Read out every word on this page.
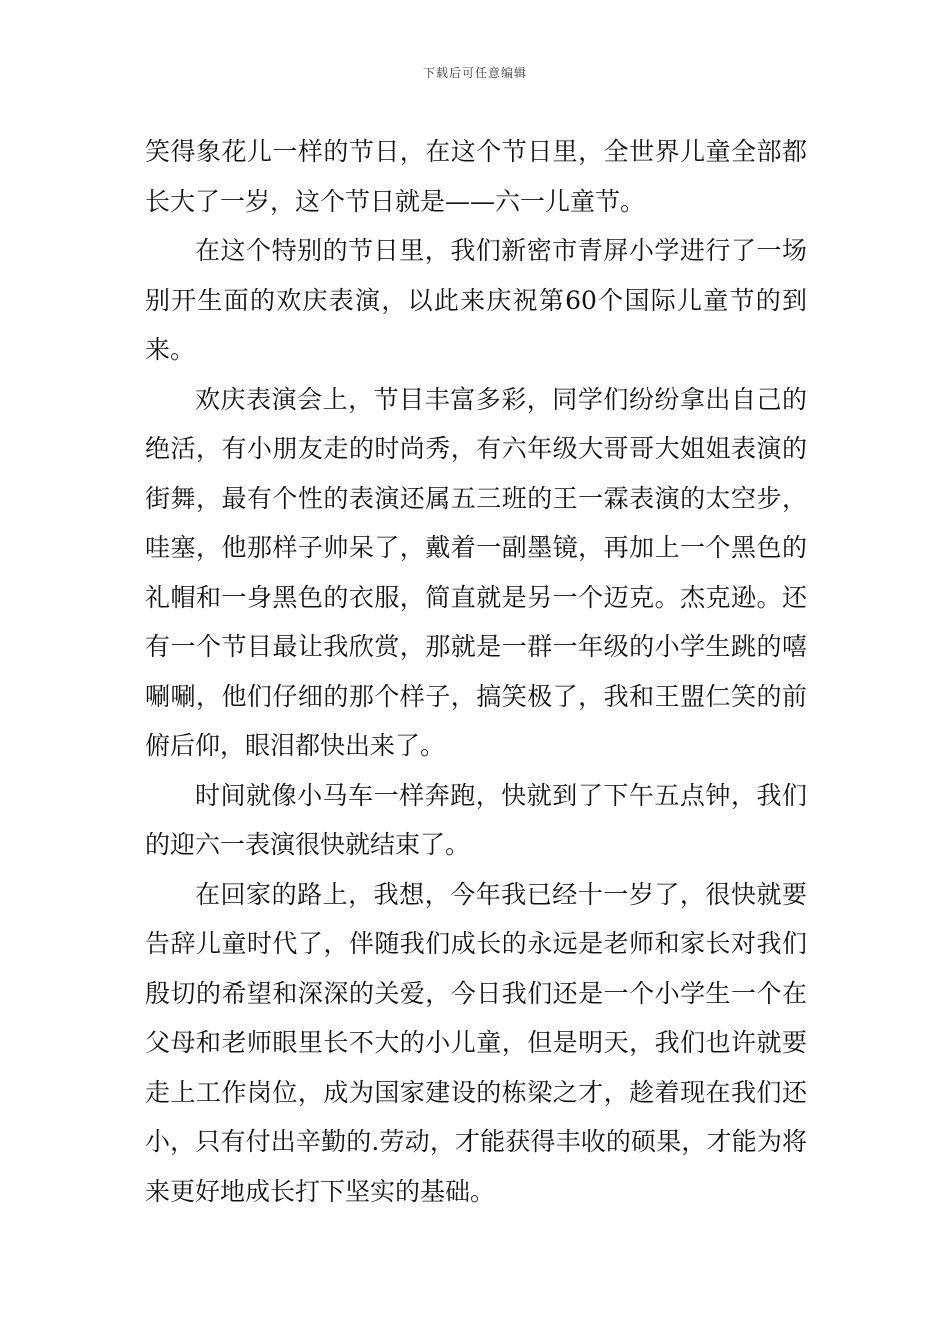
下载后可任意编辑

笑得象花儿一样的节日，在这个节日里，全世界儿童全部都长大了一岁，这个节日就是——六一儿童节。

在这个特别的节日里，我们新密市青屏小学进行了一场别开生面的欢庆表演，以此来庆祝第60个国际儿童节的到来。

欢庆表演会上，节目丰富多彩，同学们纷纷拿出自己的绝活，有小朋友走的时尚秀，有六年级大哥哥大姐姐表演的街舞，最有个性的表演还属五三班的王一霖表演的太空步，哇塞，他那样子帅呆了，戴着一副墨镜，再加上一个黑色的礼帽和一身黑色的衣服，简直就是另一个迈克。杰克逊。还有一个节目最让我欣赏，那就是一群一年级的小学生跳的嘻唰唰，他们仔细的那个样子，搞笑极了，我和王盟仁笑的前俯后仰，眼泪都快出来了。

时间就像小马车一样奔跑，快就到了下午五点钟，我们的迎六一表演很快就结束了。

在回家的路上，我想，今年我已经十一岁了，很快就要告辞儿童时代了，伴随我们成长的永远是老师和家长对我们殷切的希望和深深的关爱，今日我们还是一个小学生一个在父母和老师眼里长不大的小儿童，但是明天，我们也许就要走上工作岗位，成为国家建设的栋梁之才，趁着现在我们还小，只有付出辛勤的.劳动，才能获得丰收的硕果，才能为将来更好地成长打下坚实的基础。
